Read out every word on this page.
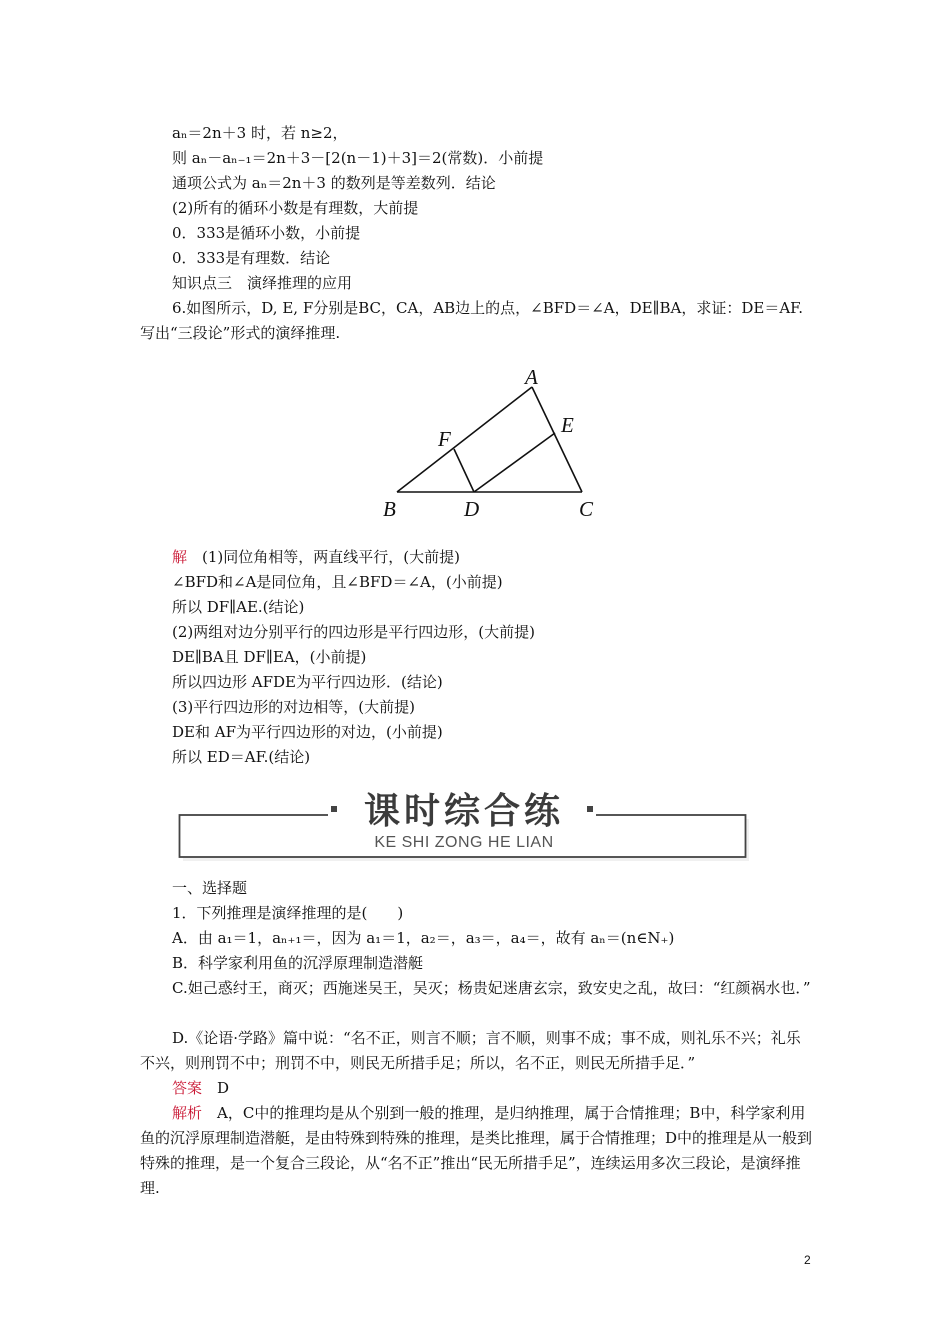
aₙ＝2n＋3 时，若 n≥2，
则 aₙ－aₙ₋₁＝2n＋3－[2(n－1)＋3]＝2(常数)．小前提
通项公式为 aₙ＝2n＋3 的数列是等差数列．结论
(2)所有的循环小数是有理数，大前提
0．333是循环小数，小前提
0．333是有理数．结论
知识点三　演绎推理的应用
6.如图所示，D, E, F分别是BC，CA，AB边上的点，∠BFD＝∠A，DE∥BA，求证：DE＝AF.写出“三段论”形式的演绎推理.
A
B	C
D
E
F
解　(1)同位角相等，两直线平行，(大前提)
∠BFD和∠A是同位角，且∠BFD＝∠A，(小前提)
所以 DF∥AE.(结论)
(2)两组对边分别平行的四边形是平行四边形，(大前提)
DE∥BA且 DF∥EA，(小前提)
所以四边形 AFDE为平行四边形．(结论)
(3)平行四边形的对边相等，(大前提)
DE和 AF为平行四边形的对边，(小前提)
所以 ED＝AF.(结论)
课时综合练
KE SHI ZONG HE LIAN
一、选择题
1．下列推理是演绎推理的是(　　)
A．由 a₁＝1，aₙ₊₁＝，因为 a₁＝1，a₂＝，a₃＝，a₄＝，故有 aₙ＝(n∈N₊)
B．科学家利用鱼的沉浮原理制造潜艇
C.妲己惑纣王，商灭；西施迷吴王，吴灭；杨贵妃迷唐玄宗，致安史之乱，故曰：“红颜祸水也．”
D.《论语·学路》篇中说：“名不正，则言不顺；言不顺，则事不成；事不成，则礼乐不兴；礼乐不兴，则刑罚不中；刑罚不中，则民无所措手足；所以，名不正，则民无所措手足．”
答案　D
解析　A，C中的推理均是从个别到一般的推理，是归纳推理，属于合情推理；B中，科学家利用鱼的沉浮原理制造潜艇，是由特殊到特殊的推理，是类比推理，属于合情推理；D中的推理是从一般到特殊的推理，是一个复合三段论，从“名不正”推出“民无所措手足”，连续运用多次三段论，是演绎推理.
2
